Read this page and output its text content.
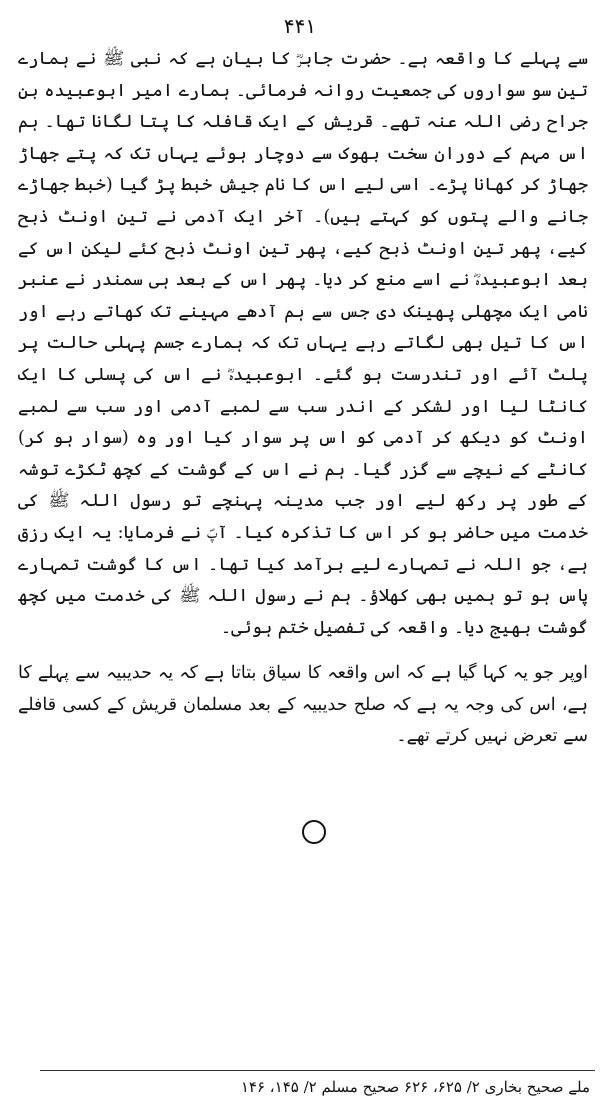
۴۴۱

سے پہلے کا واقعہ ہے۔ حضرت جابرؓ کا بیان ہے کہ نبی ﷺ نے ہمارے تین سو سواروں کی جمعیت روانہ فرمائی۔ ہمارے امیر ابوعبیدہ بن جراح رضی اللہ عنہ تھے۔ قریش کے ایک قافلہ کا پتا لگانا تھا۔ ہم اس مہم کے دوران سخت بھوک سے دوچار ہوئے یہاں تک کہ پتے جھاڑ جھاڑ کر کھانا پڑے۔ اسی لیے اس کا نام جیش خبط پڑ گیا (خبط جھاڑے جانے والے پتوں کو کہتے ہیں)۔ آخر ایک آدمی نے تین اونٹ ذبح کیے، پھر تین اونٹ ذبح کیے، پھر تین اونٹ ذبح کئے لیکن اس کے بعد ابوعبیدہؓ نے اسے منع کر دیا۔ پھر اس کے بعد ہی سمندر نے عنبر نامی ایک مچھلی پھینک دی جس سے ہم آدھے مہینے تک کھاتے رہے اور اس کا تیل بھی لگاتے رہے یہاں تک کہ ہمارے جسم پہلی حالت پر پلٹ آئے اور تندرست ہو گئے۔ ابوعبیدہؓ نے اس کی پسلی کا ایک کانٹا لیا اور لشکر کے اندر سب سے لمبے آدمی اور سب سے لمبے اونٹ کو دیکھ کر آدمی کو اس پر سوار کیا اور وہ (سوار ہو کر) کانٹے کے نیچے سے گزر گیا۔ ہم نے اس کے گوشت کے کچھ ٹکڑے توشہ کے طور پر رکھ لیے اور جب مدینہ پہنچے تو رسول اللہ ﷺ کی خدمت میں حاضر ہو کر اس کا تذکرہ کیا۔ آپؐ نے فرمایا: یہ ایک رزق ہے، جو اللہ نے تمہارے لیے برآمد کیا تھا۔ اس کا گوشت تمہارے پاس ہو تو ہمیں بھی کھلاؤ۔ ہم نے رسول اللہ ﷺ کی خدمت میں کچھ گوشت بھیج دیا۔ واقعہ کی تفصیل ختم ہوئی۔

اوپر جو یہ کہا گیا ہے کہ اس واقعہ کا سیاق بتاتا ہے کہ یہ حدیبیہ سے پہلے کا ہے، اس کی وجہ یہ ہے کہ صلح حدیبیہ کے بعد مسلمان قریش کے کسی قافلے سے تعرض نہیں کرتے تھے۔

ملے صحیح بخاری ۲/ ۶۲۵، ۶۲۶ صحیح مسلم ۲/ ۱۴۵، ۱۴۶
